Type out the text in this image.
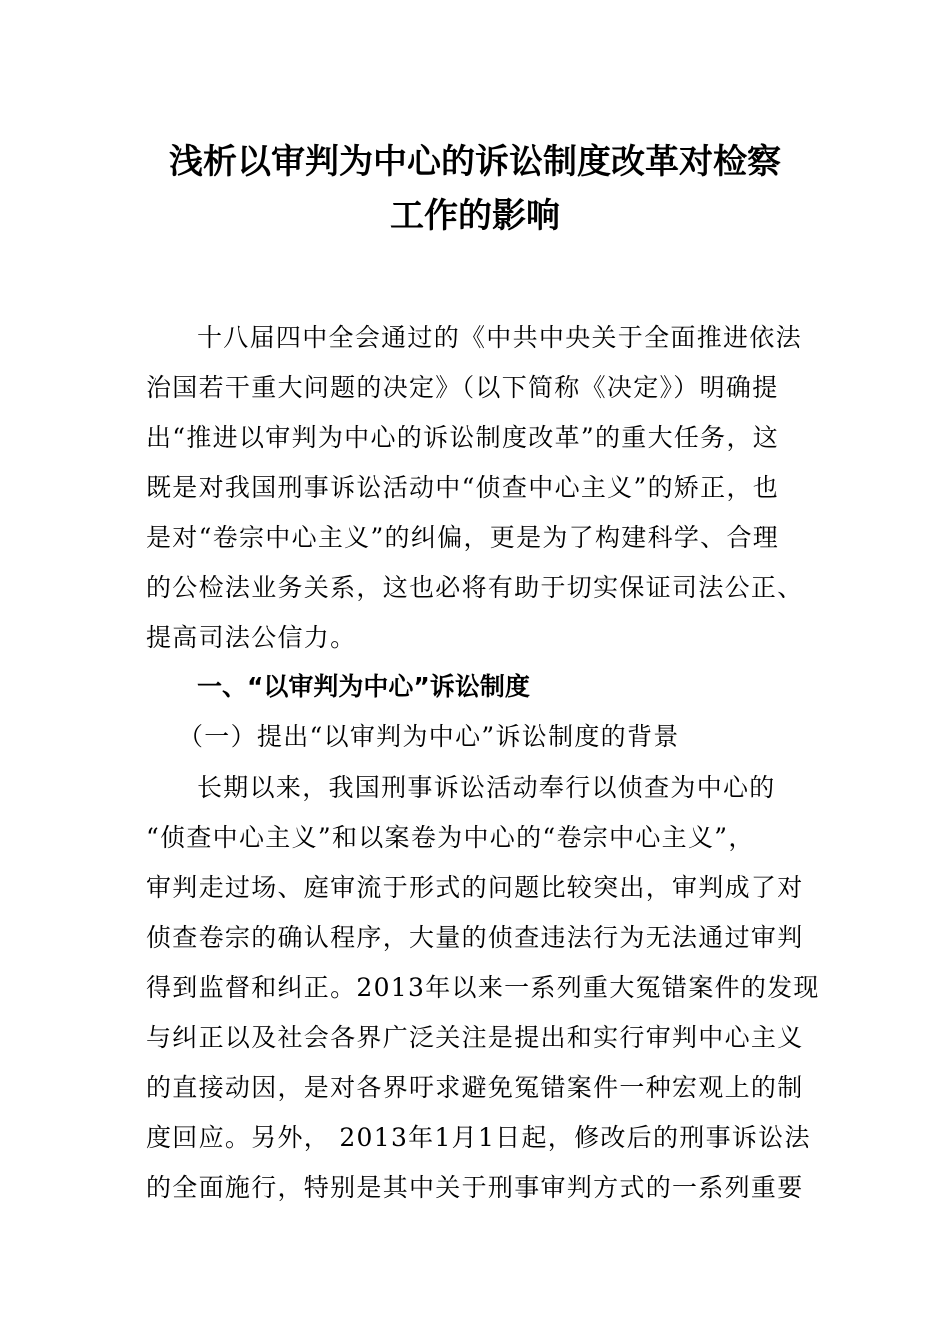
浅析以审判为中心的诉讼制度改革对检察
工作的影响
十八届四中全会通过的《中共中央关于全面推进依法
治国若干重大问题的决定》（以下简称《决定》）明确提
出“推进以审判为中心的诉讼制度改革”的重大任务，这
既是对我国刑事诉讼活动中“侦查中心主义”的矫正，也
是对“卷宗中心主义”的纠偏，更是为了构建科学、合理
的公检法业务关系，这也必将有助于切实保证司法公正、
提高司法公信力。
一、“以审判为中心”诉讼制度
（一）提出“以审判为中心”诉讼制度的背景
长期以来，我国刑事诉讼活动奉行以侦查为中心的
“侦查中心主义”和以案卷为中心的“卷宗中心主义”，
审判走过场、庭审流于形式的问题比较突出，审判成了对
侦查卷宗的确认程序，大量的侦查违法行为无法通过审判
得到监督和纠正。2013年以来一系列重大冤错案件的发现
与纠正以及社会各界广泛关注是提出和实行审判中心主义
的直接动因，是对各界吁求避免冤错案件一种宏观上的制
度回应。另外， 2013年1月1日起，修改后的刑事诉讼法
的全面施行，特别是其中关于刑事审判方式的一系列重要
